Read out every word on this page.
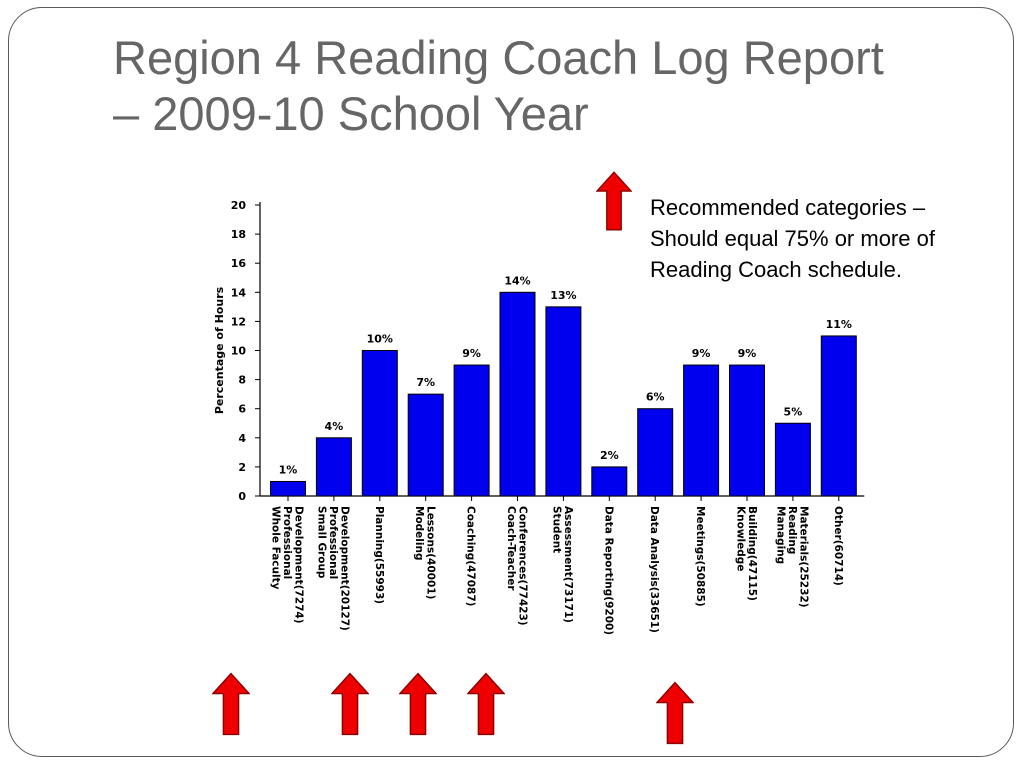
Region 4 Reading Coach Log Report
– 2009-10 School Year
Recommended categories –
Should equal 75% or more of
Reading Coach schedule.
0
2
4
6
8
10
12
14
16
18
20
Percentage of Hours
1%
Whole Faculty Professional Development(7274)
4%
Small Group Professional Development(20127)
10%
Planning(55993)
7%
Modeling Lessons(40001)
9%
Coaching(47087)
14%
Coach-Teacher Conferences(77423)
13%
Student Assessment(73171)
2%
Data Reporting(9200)
6%
Data Analysis(33651)
9%
Meetings(50885)
9%
Knowledge Building(47115)
5%
Managing Reading Materials(25232)
11%
Other(60714)
